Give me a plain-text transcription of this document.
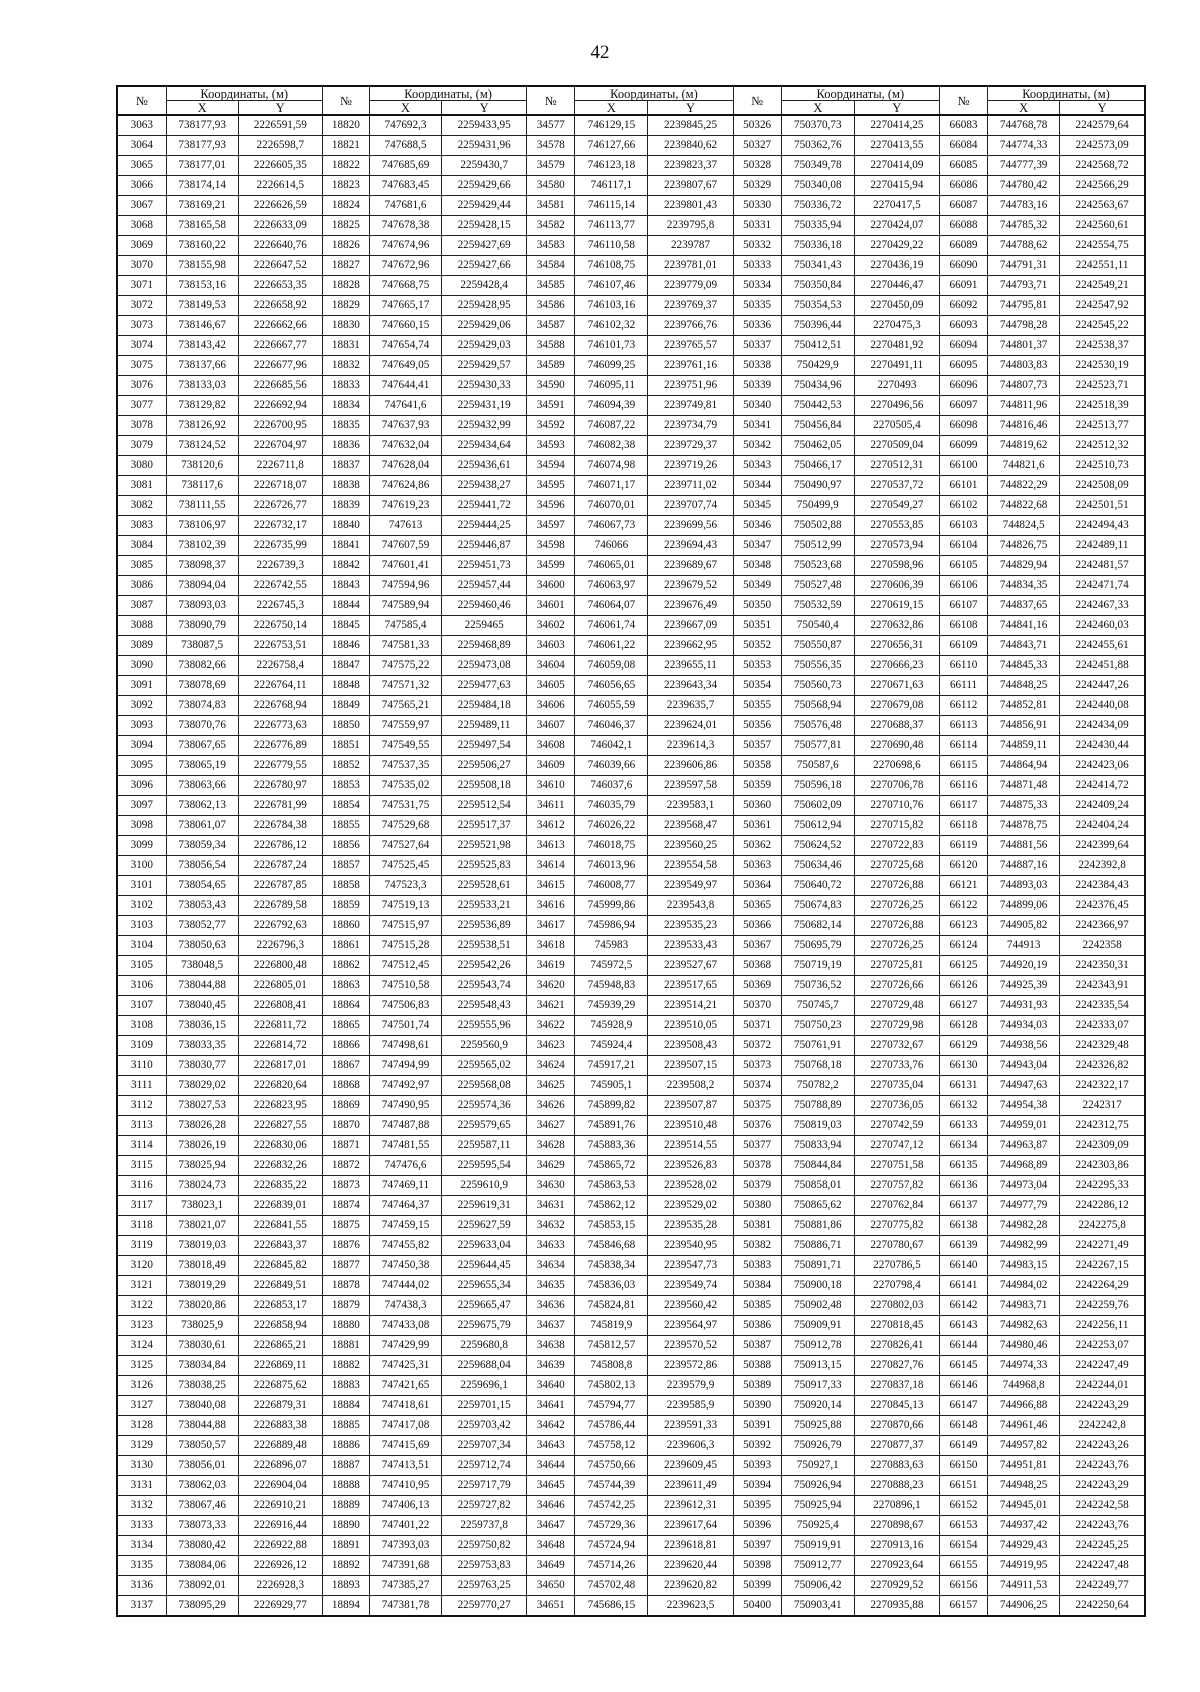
42
№	Координаты, (м)		№	Координаты, (м)		№	Координаты, (м)		№	Координаты, (м)		№	Координаты, (м)	
	X	Y		X	Y		X	Y		X	Y		X	Y
3063	738177,93	2226591,59	18820	747692,3	2259433,95	34577	746129,15	2239845,25	50326	750370,73	2270414,25	66083	744768,78	2242579,64
3064	738177,93	2226598,7	18821	747688,5	2259431,96	34578	746127,66	2239840,62	50327	750362,76	2270413,55	66084	744774,33	2242573,09
3065	738177,01	2226605,35	18822	747685,69	2259430,7	34579	746123,18	2239823,37	50328	750349,78	2270414,09	66085	744777,39	2242568,72
3066	738174,14	2226614,5	18823	747683,45	2259429,66	34580	746117,1	2239807,67	50329	750340,08	2270415,94	66086	744780,42	2242566,29
3067	738169,21	2226626,59	18824	747681,6	2259429,44	34581	746115,14	2239801,43	50330	750336,72	2270417,5	66087	744783,16	2242563,67
3068	738165,58	2226633,09	18825	747678,38	2259428,15	34582	746113,77	2239795,8	50331	750335,94	2270424,07	66088	744785,32	2242560,61
3069	738160,22	2226640,76	18826	747674,96	2259427,69	34583	746110,58	2239787	50332	750336,18	2270429,22	66089	744788,62	2242554,75
3070	738155,98	2226647,52	18827	747672,96	2259427,66	34584	746108,75	2239781,01	50333	750341,43	2270436,19	66090	744791,31	2242551,11
3071	738153,16	2226653,35	18828	747668,75	2259428,4	34585	746107,46	2239779,09	50334	750350,84	2270446,47	66091	744793,71	2242549,21
3072	738149,53	2226658,92	18829	747665,17	2259428,95	34586	746103,16	2239769,37	50335	750354,53	2270450,09	66092	744795,81	2242547,92
3073	738146,67	2226662,66	18830	747660,15	2259429,06	34587	746102,32	2239766,76	50336	750396,44	2270475,3	66093	744798,28	2242545,22
3074	738143,42	2226667,77	18831	747654,74	2259429,03	34588	746101,73	2239765,57	50337	750412,51	2270481,92	66094	744801,37	2242538,37
3075	738137,66	2226677,96	18832	747649,05	2259429,57	34589	746099,25	2239761,16	50338	750429,9	2270491,11	66095	744803,83	2242530,19
3076	738133,03	2226685,56	18833	747644,41	2259430,33	34590	746095,11	2239751,96	50339	750434,96	2270493	66096	744807,73	2242523,71
3077	738129,82	2226692,94	18834	747641,6	2259431,19	34591	746094,39	2239749,81	50340	750442,53	2270496,56	66097	744811,96	2242518,39
3078	738126,92	2226700,95	18835	747637,93	2259432,99	34592	746087,22	2239734,79	50341	750456,84	2270505,4	66098	744816,46	2242513,77
3079	738124,52	2226704,97	18836	747632,04	2259434,64	34593	746082,38	2239729,37	50342	750462,05	2270509,04	66099	744819,62	2242512,32
3080	738120,6	2226711,8	18837	747628,04	2259436,61	34594	746074,98	2239719,26	50343	750466,17	2270512,31	66100	744821,6	2242510,73
3081	738117,6	2226718,07	18838	747624,86	2259438,27	34595	746071,17	2239711,02	50344	750490,97	2270537,72	66101	744822,29	2242508,09
3082	738111,55	2226726,77	18839	747619,23	2259441,72	34596	746070,01	2239707,74	50345	750499,9	2270549,27	66102	744822,68	2242501,51
3083	738106,97	2226732,17	18840	747613	2259444,25	34597	746067,73	2239699,56	50346	750502,88	2270553,85	66103	744824,5	2242494,43
3084	738102,39	2226735,99	18841	747607,59	2259446,87	34598	746066	2239694,43	50347	750512,99	2270573,94	66104	744826,75	2242489,11
3085	738098,37	2226739,3	18842	747601,41	2259451,73	34599	746065,01	2239689,67	50348	750523,68	2270598,96	66105	744829,94	2242481,57
3086	738094,04	2226742,55	18843	747594,96	2259457,44	34600	746063,97	2239679,52	50349	750527,48	2270606,39	66106	744834,35	2242471,74
3087	738093,03	2226745,3	18844	747589,94	2259460,46	34601	746064,07	2239676,49	50350	750532,59	2270619,15	66107	744837,65	2242467,33
3088	738090,79	2226750,14	18845	747585,4	2259465	34602	746061,74	2239667,09	50351	750540,4	2270632,86	66108	744841,16	2242460,03
3089	738087,5	2226753,51	18846	747581,33	2259468,89	34603	746061,22	2239662,95	50352	750550,87	2270656,31	66109	744843,71	2242455,61
3090	738082,66	2226758,4	18847	747575,22	2259473,08	34604	746059,08	2239655,11	50353	750556,35	2270666,23	66110	744845,33	2242451,88
3091	738078,69	2226764,11	18848	747571,32	2259477,63	34605	746056,65	2239643,34	50354	750560,73	2270671,63	66111	744848,25	2242447,26
3092	738074,83	2226768,94	18849	747565,21	2259484,18	34606	746055,59	2239635,7	50355	750568,94	2270679,08	66112	744852,81	2242440,08
3093	738070,76	2226773,63	18850	747559,97	2259489,11	34607	746046,37	2239624,01	50356	750576,48	2270688,37	66113	744856,91	2242434,09
3094	738067,65	2226776,89	18851	747549,55	2259497,54	34608	746042,1	2239614,3	50357	750577,81	2270690,48	66114	744859,11	2242430,44
3095	738065,19	2226779,55	18852	747537,35	2259506,27	34609	746039,66	2239606,86	50358	750587,6	2270698,6	66115	744864,94	2242423,06
3096	738063,66	2226780,97	18853	747535,02	2259508,18	34610	746037,6	2239597,58	50359	750596,18	2270706,78	66116	744871,48	2242414,72
3097	738062,13	2226781,99	18854	747531,75	2259512,54	34611	746035,79	2239583,1	50360	750602,09	2270710,76	66117	744875,33	2242409,24
3098	738061,07	2226784,38	18855	747529,68	2259517,37	34612	746026,22	2239568,47	50361	750612,94	2270715,82	66118	744878,75	2242404,24
3099	738059,34	2226786,12	18856	747527,64	2259521,98	34613	746018,75	2239560,25	50362	750624,52	2270722,83	66119	744881,56	2242399,64
3100	738056,54	2226787,24	18857	747525,45	2259525,83	34614	746013,96	2239554,58	50363	750634,46	2270725,68	66120	744887,16	2242392,8
3101	738054,65	2226787,85	18858	747523,3	2259528,61	34615	746008,77	2239549,97	50364	750640,72	2270726,88	66121	744893,03	2242384,43
3102	738053,43	2226789,58	18859	747519,13	2259533,21	34616	745999,86	2239543,8	50365	750674,83	2270726,25	66122	744899,06	2242376,45
3103	738052,77	2226792,63	18860	747515,97	2259536,89	34617	745986,94	2239535,23	50366	750682,14	2270726,88	66123	744905,82	2242366,97
3104	738050,63	2226796,3	18861	747515,28	2259538,51	34618	745983	2239533,43	50367	750695,79	2270726,25	66124	744913	2242358
3105	738048,5	2226800,48	18862	747512,45	2259542,26	34619	745972,5	2239527,67	50368	750719,19	2270725,81	66125	744920,19	2242350,31
3106	738044,88	2226805,01	18863	747510,58	2259543,74	34620	745948,83	2239517,65	50369	750736,52	2270726,66	66126	744925,39	2242343,91
3107	738040,45	2226808,41	18864	747506,83	2259548,43	34621	745939,29	2239514,21	50370	750745,7	2270729,48	66127	744931,93	2242335,54
3108	738036,15	2226811,72	18865	747501,74	2259555,96	34622	745928,9	2239510,05	50371	750750,23	2270729,98	66128	744934,03	2242333,07
3109	738033,35	2226814,72	18866	747498,61	2259560,9	34623	745924,4	2239508,43	50372	750761,91	2270732,67	66129	744938,56	2242329,48
3110	738030,77	2226817,01	18867	747494,99	2259565,02	34624	745917,21	2239507,15	50373	750768,18	2270733,76	66130	744943,04	2242326,82
3111	738029,02	2226820,64	18868	747492,97	2259568,08	34625	745905,1	2239508,2	50374	750782,2	2270735,04	66131	744947,63	2242322,17
3112	738027,53	2226823,95	18869	747490,95	2259574,36	34626	745899,82	2239507,87	50375	750788,89	2270736,05	66132	744954,38	2242317
3113	738026,28	2226827,55	18870	747487,88	2259579,65	34627	745891,76	2239510,48	50376	750819,03	2270742,59	66133	744959,01	2242312,75
3114	738026,19	2226830,06	18871	747481,55	2259587,11	34628	745883,36	2239514,55	50377	750833,94	2270747,12	66134	744963,87	2242309,09
3115	738025,94	2226832,26	18872	747476,6	2259595,54	34629	745865,72	2239526,83	50378	750844,84	2270751,58	66135	744968,89	2242303,86
3116	738024,73	2226835,22	18873	747469,11	2259610,9	34630	745863,53	2239528,02	50379	750858,01	2270757,82	66136	744973,04	2242295,33
3117	738023,1	2226839,01	18874	747464,37	2259619,31	34631	745862,12	2239529,02	50380	750865,62	2270762,84	66137	744977,79	2242286,12
3118	738021,07	2226841,55	18875	747459,15	2259627,59	34632	745853,15	2239535,28	50381	750881,86	2270775,82	66138	744982,28	2242275,8
3119	738019,03	2226843,37	18876	747455,82	2259633,04	34633	745846,68	2239540,95	50382	750886,71	2270780,67	66139	744982,99	2242271,49
3120	738018,49	2226845,82	18877	747450,38	2259644,45	34634	745838,34	2239547,73	50383	750891,71	2270786,5	66140	744983,15	2242267,15
3121	738019,29	2226849,51	18878	747444,02	2259655,34	34635	745836,03	2239549,74	50384	750900,18	2270798,4	66141	744984,02	2242264,29
3122	738020,86	2226853,17	18879	747438,3	2259665,47	34636	745824,81	2239560,42	50385	750902,48	2270802,03	66142	744983,71	2242259,76
3123	738025,9	2226858,94	18880	747433,08	2259675,79	34637	745819,9	2239564,97	50386	750909,91	2270818,45	66143	744982,63	2242256,11
3124	738030,61	2226865,21	18881	747429,99	2259680,8	34638	745812,57	2239570,52	50387	750912,78	2270826,41	66144	744980,46	2242253,07
3125	738034,84	2226869,11	18882	747425,31	2259688,04	34639	745808,8	2239572,86	50388	750913,15	2270827,76	66145	744974,33	2242247,49
3126	738038,25	2226875,62	18883	747421,65	2259696,1	34640	745802,13	2239579,9	50389	750917,33	2270837,18	66146	744968,8	2242244,01
3127	738040,08	2226879,31	18884	747418,61	2259701,15	34641	745794,77	2239585,9	50390	750920,14	2270845,13	66147	744966,88	2242243,29
3128	738044,88	2226883,38	18885	747417,08	2259703,42	34642	745786,44	2239591,33	50391	750925,88	2270870,66	66148	744961,46	2242242,8
3129	738050,57	2226889,48	18886	747415,69	2259707,34	34643	745758,12	2239606,3	50392	750926,79	2270877,37	66149	744957,82	2242243,26
3130	738056,01	2226896,07	18887	747413,51	2259712,74	34644	745750,66	2239609,45	50393	750927,1	2270883,63	66150	744951,81	2242243,76
3131	738062,03	2226904,04	18888	747410,95	2259717,79	34645	745744,39	2239611,49	50394	750926,94	2270888,23	66151	744948,25	2242243,29
3132	738067,46	2226910,21	18889	747406,13	2259727,82	34646	745742,25	2239612,31	50395	750925,94	2270896,1	66152	744945,01	2242242,58
3133	738073,33	2226916,44	18890	747401,22	2259737,8	34647	745729,36	2239617,64	50396	750925,4	2270898,67	66153	744937,42	2242243,76
3134	738080,42	2226922,88	18891	747393,03	2259750,82	34648	745724,94	2239618,81	50397	750919,91	2270913,16	66154	744929,43	2242245,25
3135	738084,06	2226926,12	18892	747391,68	2259753,83	34649	745714,26	2239620,44	50398	750912,77	2270923,64	66155	744919,95	2242247,48
3136	738092,01	2226928,3	18893	747385,27	2259763,25	34650	745702,48	2239620,82	50399	750906,42	2270929,52	66156	744911,53	2242249,77
3137	738095,29	2226929,77	18894	747381,78	2259770,27	34651	745686,15	2239623,5	50400	750903,41	2270935,88	66157	744906,25	2242250,64
